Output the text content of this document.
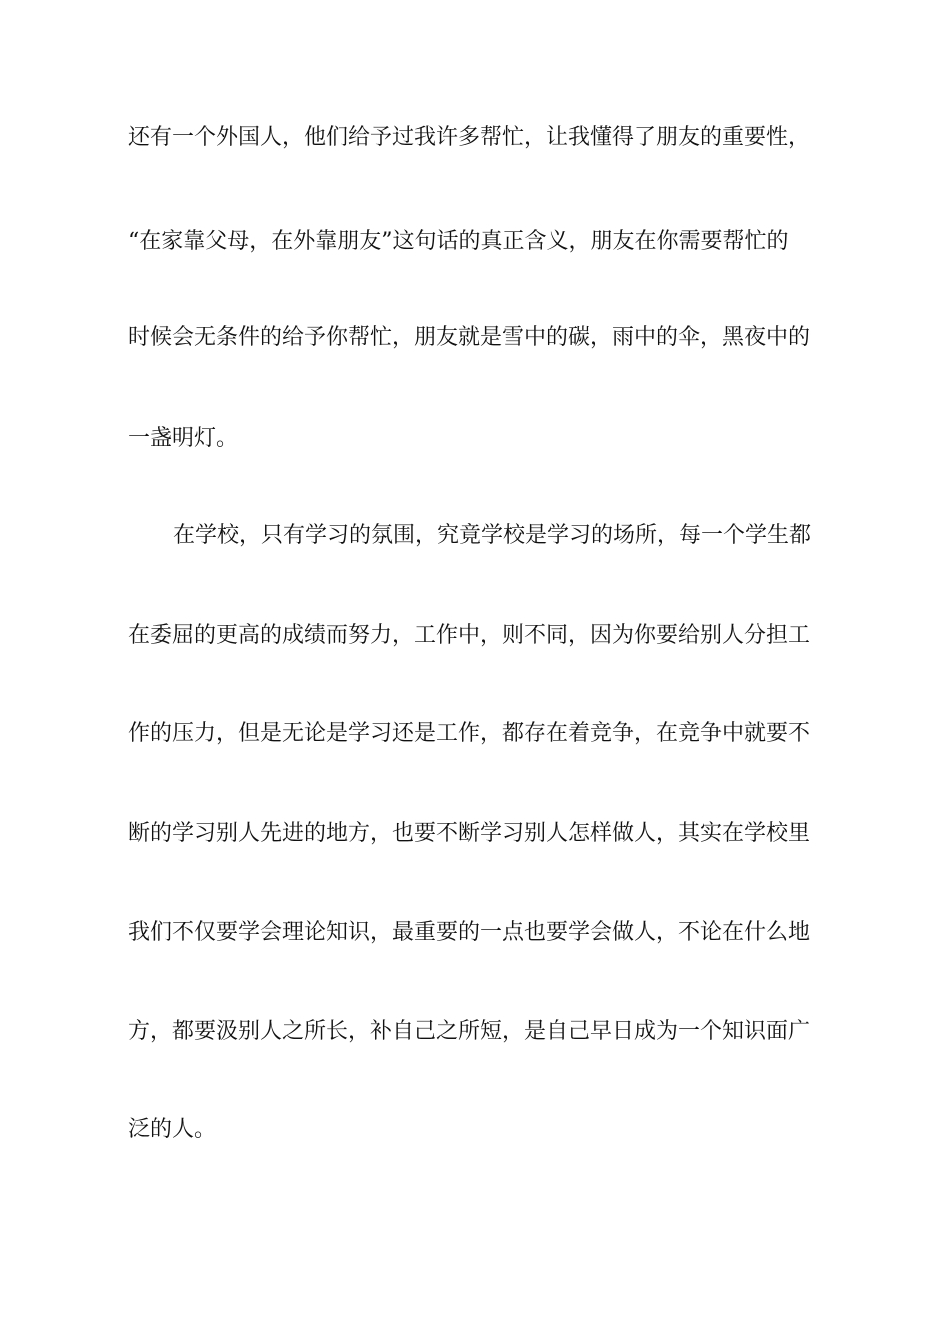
还有一个外国人，他们给予过我许多帮忙，让我懂得了朋友的重要性，
“在家靠父母，在外靠朋友”这句话的真正含义，朋友在你需要帮忙的
时候会无条件的给予你帮忙，朋友就是雪中的碳，雨中的伞，黑夜中的
一盏明灯。
在学校，只有学习的氛围，究竟学校是学习的场所，每一个学生都
在委屈的更高的成绩而努力，工作中，则不同，因为你要给别人分担工
作的压力，但是无论是学习还是工作，都存在着竞争，在竞争中就要不
断的学习别人先进的地方，也要不断学习别人怎样做人，其实在学校里
我们不仅要学会理论知识，最重要的一点也要学会做人，不论在什么地
方，都要汲别人之所长，补自己之所短，是自己早日成为一个知识面广
泛的人。
